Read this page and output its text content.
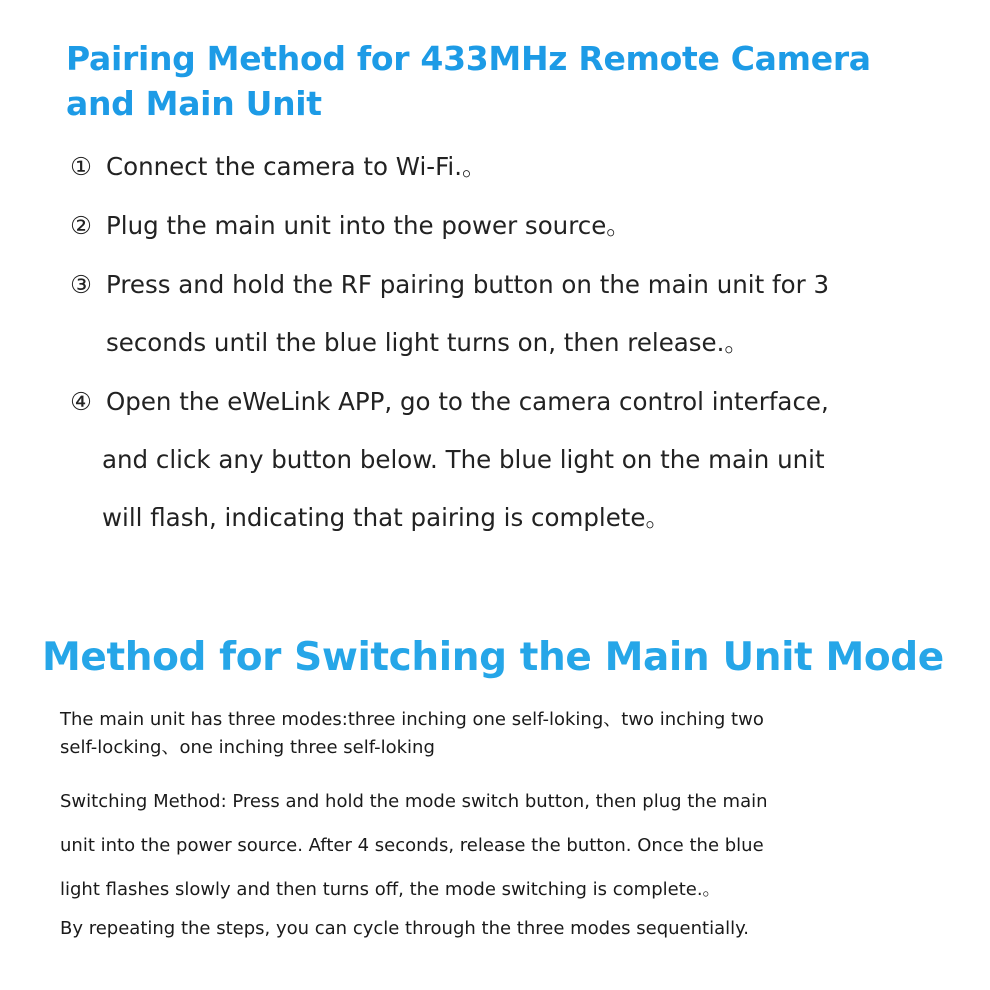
Pairing Method for 433MHz Remote Camera and Main Unit

① Connect the camera to Wi-Fi.。

② Plug the main unit into the power source。

③ Press and hold the RF pairing button on the main unit for 3
seconds until the blue light turns on, then release.。

④ Open the eWeLink APP, go to the camera control interface,
and click any button below. The blue light on the main unit
will flash, indicating that pairing is complete。

Method for Switching the Main Unit Mode

The main unit has three modes:three inching one self-loking、two inching two
self-locking、one inching three self-loking

Switching Method: Press and hold the mode switch button, then plug the main
unit into the power source. After 4 seconds, release the button. Once the blue
light flashes slowly and then turns off, the mode switching is complete.。

By repeating the steps, you can cycle through the three modes sequentially.
